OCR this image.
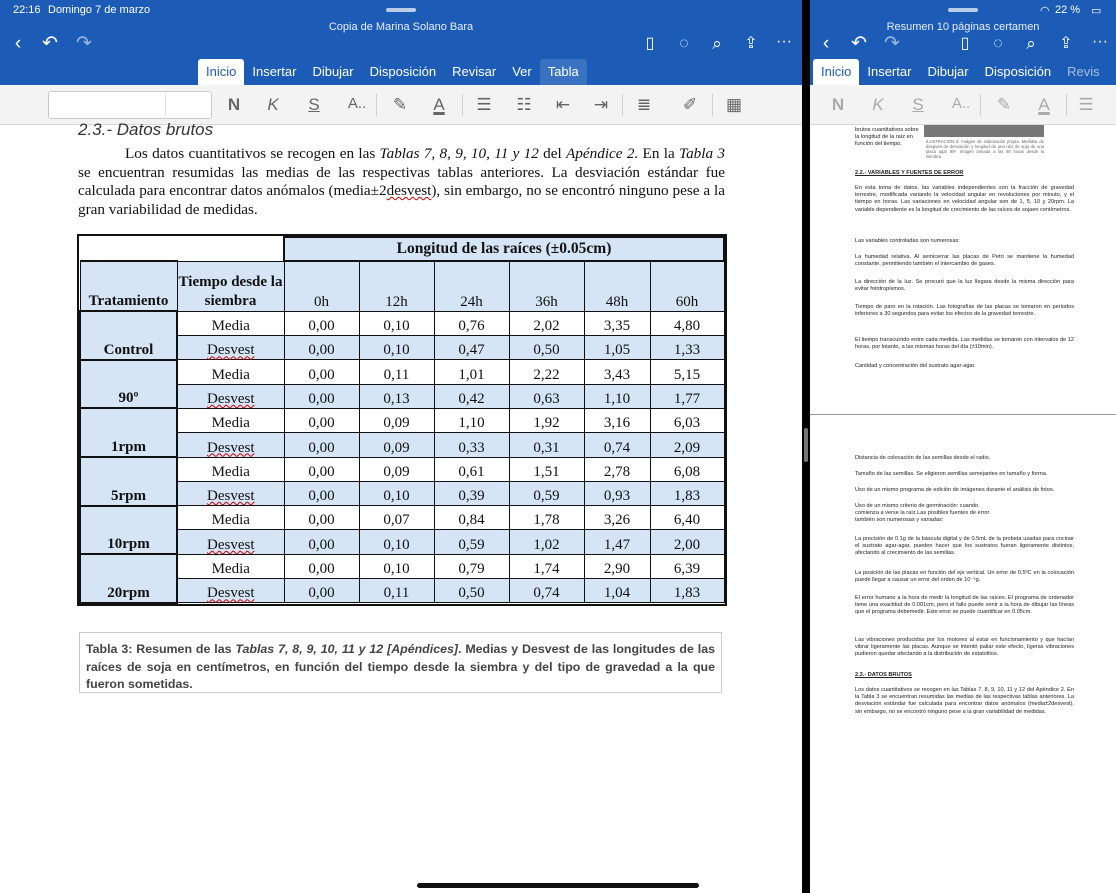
22:16 Domingo 7 de marzo
Copia de Marina Solano Bara
‹	↶ ↷	▯	◌	⌕	⇪	···
Inicio	Insertar	Dibujar	Disposición	Revisar	Ver	Tabla
N	K	S	A..	✎	A	☰ ☷ ⇤ ⇥ ≣ ✐ ▦
2.3.- Datos brutos
Los datos cuantitativos se recogen en las Tablas 7, 8, 9, 10, 11 y 12 del Apéndice 2. En la Tabla 3 se encuentran resumidas las medias de las respectivas tablas anteriores. La desviación estándar fue calculada para encontrar datos anómalos (media±2desvest), sin embargo, no se encontró ninguno pese a la gran variabilidad de medidas.
		Longitud de las raíces (±0.05cm)					
Tratamiento	Tiempo desde la siembra	0h	12h	24h	36h	48h	60h
Control	Media	0,00	0,10	0,76	2,02	3,35	4,80
	Desvest	0,00	0,10	0,47	0,50	1,05	1,33
90º	Media	0,00	0,11	1,01	2,22	3,43	5,15
	Desvest	0,00	0,13	0,42	0,63	1,10	1,77
1rpm	Media	0,00	0,09	1,10	1,92	3,16	6,03
	Desvest	0,00	0,09	0,33	0,31	0,74	2,09
5rpm	Media	0,00	0,09	0,61	1,51	2,78	6,08
	Desvest	0,00	0,10	0,39	0,59	0,93	1,83
10rpm	Media	0,00	0,07	0,84	1,78	3,26	6,40
	Desvest	0,00	0,10	0,59	1,02	1,47	2,00
20rpm	Media	0,00	0,10	0,79	1,74	2,90	6,39
	Desvest	0,00	0,11	0,50	0,74	1,04	1,83
Tabla 3: Resumen de las Tablas 7, 8, 9, 10, 11 y 12 [Apéndices]. Medias y Desvest de las longitudes de las raíces de soja en centímetros, en función del tiempo desde la siembra y del tipo de gravedad a la que fueron sometidas.
◠ 22 % ▭
Resumen 10 páginas certamen
‹	↶ ↷	▯	◌	⌕	⇪	···
Inicio	Insertar	Dibujar	Disposición	Revis
N	K	S	A..	✎	A	☰
brutos cuantitativos sobre la longitud de la raíz en función del tiempo.	ILUSTRACIÓN 5: Imágen de elaboración propia. Medidas de después de desviación y longitud de una raíz de soja de una placa agar 90º. Imagen tomada a las 60 horas desde la siembra.
2.2.- VARIABLES Y FUENTES DE ERROR
En esta toma de datos, las variables independientes son la fracción de gravedad terrestre, modificada variando la velocidad angular en revoluciones por minuto, y el tiempo en horas. Las variaciones en velocidad angular son de 1, 5, 10 y 20rpm. La variable dependiente es la longitud de crecimiento de las raíces de sojaen centímetros.
Las variables controladas son numerosas:
La humedad relativa. Al semicerrar las placas de Petri se mantiene la humedad constante, permitiendo también el intercambio de gases.
La dirección de la luz. Se procuró que la luz llegara desde la misma dirección para evitar fototropismos.
Tiempo de paro en la rotación. Las fotografías de las placas se tomaron en periodos inferiores a 30 segundos para evitar los efectos de la gravedad terrestre.
El tiempo transcurrido entre cada medida. Las medidas se tomaron con intervalos de 12 horas, por lotanto, a las mismas horas del día (±10min).
Cantidad y concentración del sustrato agar-agar.
Distancia de colocación de las semillas desde el radio.
Tamaño de las semillas. Se eligieron semillas semejantes en tamaño y forma.
Uso de un mismo programa de edición de imágenes durante el análisis de fotos.
Uso de un mismo criterio de germinación: cuando comienza a verse la raíz.Las posibles fuentes de error también son numerosas y variadas:
La precisión de 0.1g de la báscula digital y de 0.5mL de la probeta usadas para cocinar el sustrato agar-agar, pueden hacer que los sustratos fueran ligeramente distintos, afectando al crecimiento de las semillas.
La posición de las placas en función del eje vertical. Un error de 0.5ºC en la colocación puede llegar a causar un error del orden de 10⁻⁵g.
El error humano a la hora de medir la longitud de las raíces. El programa de ordenador tiene una exactitud de 0.001cm, pero el fallo puede venir a la hora de dibujar las líneas que el programa debemedir. Este error se puede cuantificar en 0.05cm.
Las vibraciones producidas por los motores al estar en funcionamiento y que hacían vibrar ligeramente las placas. Aunque se intentó paliar este efecto, ligeras vibraciones pudieron quedar afectando a la distribución de estatolitos.
2.3.- DATOS BRUTOS
Los datos cuantitativos se recogen en las Tablas 7, 8, 9, 10, 11 y 12 del Apéndice 2. En la Tabla 3 se encuentran resumidas las medias de las respectivas tablas anteriores. La desviación estándar fue calculada para encontrar datos anómalos (media±2desvest), sin embargo, no se encontró ninguno pese a la gran variabilidad de medidas.
